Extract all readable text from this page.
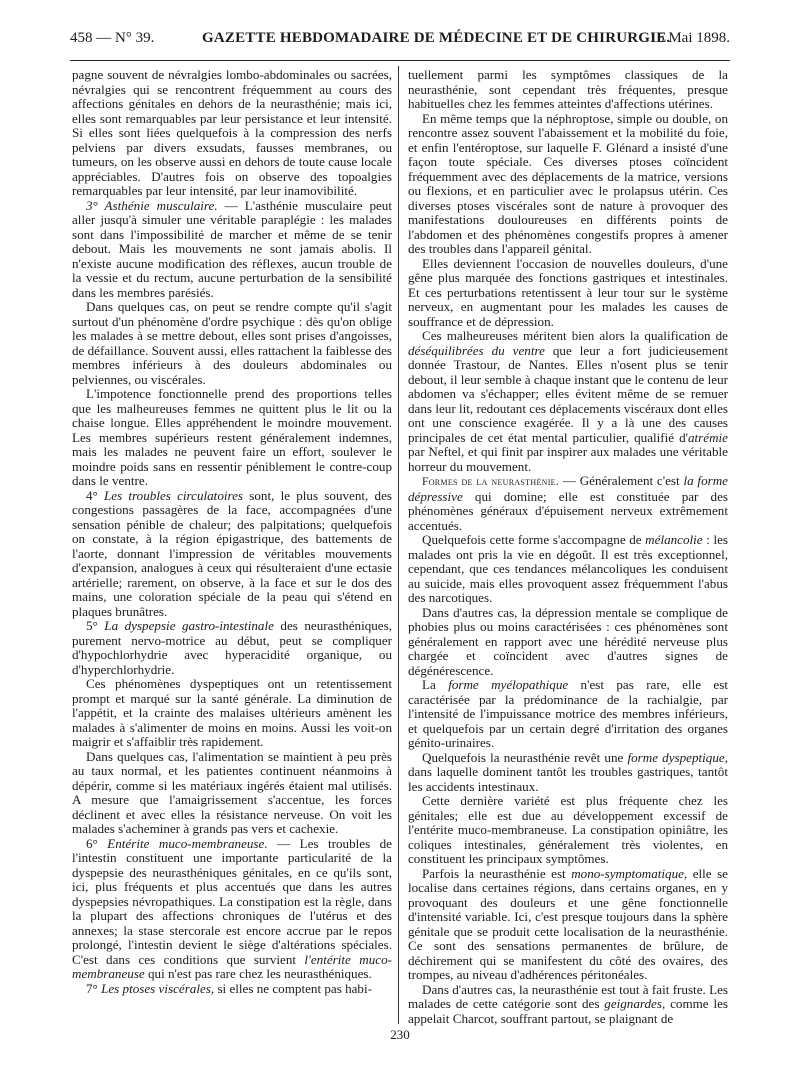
458 — N° 39.	GAZETTE HEBDOMADAIRE DE MÉDECINE ET DE CHIRURGIE.
15 Mai 1898.

pagne souvent de névralgies lombo-abdominales ou sacrées, névralgies qui se rencontrent fréquemment au cours des affections génitales en dehors de la neurasthénie; mais ici, elles sont remarquables par leur persistance et leur intensité. Si elles sont liées quelquefois à la compression des nerfs pelviens par divers exsudats, fausses membranes, ou tumeurs, on les observe aussi en dehors de toute cause locale appréciables. D'autres fois on observe des topoalgies remarquables par leur intensité, par leur inamovibilité.

3° Asthénie musculaire. — L'asthénie musculaire peut aller jusqu'à simuler une véritable paraplégie : les malades sont dans l'impossibilité de marcher et même de se tenir debout. Mais les mouvements ne sont jamais abolis. Il n'existe aucune modification des réflexes, aucun trouble de la vessie et du rectum, aucune perturbation de la sensibilité dans les membres parésiés.

Dans quelques cas, on peut se rendre compte qu'il s'agit surtout d'un phénomène d'ordre psychique : dès qu'on oblige les malades à se mettre debout, elles sont prises d'angoisses, de défaillance. Souvent aussi, elles rattachent la faiblesse des membres inférieurs à des douleurs abdominales ou pelviennes, ou viscérales.

L'impotence fonctionnelle prend des proportions telles que les malheureuses femmes ne quittent plus le lit ou la chaise longue. Elles appréhendent le moindre mouvement. Les membres supérieurs restent généralement indemnes, mais les malades ne peuvent faire un effort, soulever le moindre poids sans en ressentir péniblement le contre-coup dans le ventre.

4° Les troubles circulatoires sont, le plus souvent, des congestions passagères de la face, accompagnées d'une sensation pénible de chaleur; des palpitations; quelquefois on constate, à la région épigastrique, des battements de l'aorte, donnant l'impression de véritables mouvements d'expansion, analogues à ceux qui résulteraient d'une ectasie artérielle; rarement, on observe, à la face et sur le dos des mains, une coloration spéciale de la peau qui s'étend en plaques brunâtres.

5° La dyspepsie gastro-intestinale des neurasthéniques, purement nervo-motrice au début, peut se compliquer d'hypochlorhydrie avec hyperacidité organique, ou d'hyperchlorhydrie.

Ces phénomènes dyspeptiques ont un retentissement prompt et marqué sur la santé générale. La diminution de l'appétit, et la crainte des malaises ultérieurs amènent les malades à s'alimenter de moins en moins. Aussi les voit-on maigrir et s'affaiblir très rapidement.

Dans quelques cas, l'alimentation se maintient à peu près au taux normal, et les patientes continuent néanmoins à dépérir, comme si les matériaux ingérés étaient mal utilisés. A mesure que l'amaigrissement s'accentue, les forces déclinent et avec elles la résistance nerveuse. On voit les malades s'acheminer à grands pas vers et cachexie.

6° Entérite muco-membraneuse. — Les troubles de l'intestin constituent une importante particularité de la dyspepsie des neurasthéniques génitales, en ce qu'ils sont, ici, plus fréquents et plus accentués que dans les autres dyspepsies névropathiques. La constipation est la règle, dans la plupart des affections chroniques de l'utérus et des annexes; la stase stercorale est encore accrue par le repos prolongé, l'intestin devient le siège d'altérations spéciales. C'est dans ces conditions que survient l'entérite muco-membraneuse qui n'est pas rare chez les neurasthéniques.

7° Les ptoses viscérales, si elles ne comptent pas habi-

tuellement parmi les symptômes classiques de la neurasthénie, sont cependant très fréquentes, presque habituelles chez les femmes atteintes d'affections utérines.

En même temps que la néphroptose, simple ou double, on rencontre assez souvent l'abaissement et la mobilité du foie, et enfin l'entéroptose, sur laquelle F. Glénard a insisté d'une façon toute spéciale. Ces diverses ptoses coïncident fréquemment avec des déplacements de la matrice, versions ou flexions, et en particulier avec le prolapsus utérin. Ces diverses ptoses viscérales sont de nature à provoquer des manifestations douloureuses en différents points de l'abdomen et des phénomènes congestifs propres à amener des troubles dans l'appareil génital.

Elles deviennent l'occasion de nouvelles douleurs, d'une gêne plus marquée des fonctions gastriques et intestinales. Et ces perturbations retentissent à leur tour sur le système nerveux, en augmentant pour les malades les causes de souffrance et de dépression.

Ces malheureuses méritent bien alors la qualification de déséquilibrées du ventre que leur a fort judicieusement donnée Trastour, de Nantes. Elles n'osent plus se tenir debout, il leur semble à chaque instant que le contenu de leur abdomen va s'échapper; elles évitent même de se remuer dans leur lit, redoutant ces déplacements viscéraux dont elles ont une conscience exagérée. Il y a là une des causes principales de cet état mental particulier, qualifié d'atrémie par Neftel, et qui finit par inspirer aux malades une véritable horreur du mouvement.

Formes de la neurasthénie. — Généralement c'est la forme dépressive qui domine; elle est constituée par des phénomènes généraux d'épuisement nerveux extrêmement accentués.

Quelquefois cette forme s'accompagne de mélancolie : les malades ont pris la vie en dégoût. Il est très exceptionnel, cependant, que ces tendances mélancoliques les conduisent au suicide, mais elles provoquent assez fréquemment l'abus des narcotiques.

Dans d'autres cas, la dépression mentale se complique de phobies plus ou moins caractérisées : ces phénomènes sont généralement en rapport avec une hérédité nerveuse plus chargée et coïncident avec d'autres signes de dégénérescence.

La forme myélopathique n'est pas rare, elle est caractérisée par la prédominance de la rachialgie, par l'intensité de l'impuissance motrice des membres inférieurs, et quelquefois par un certain degré d'irritation des organes génito-urinaires.

Quelquefois la neurasthénie revêt une forme dyspeptique, dans laquelle dominent tantôt les troubles gastriques, tantôt les accidents intestinaux.

Cette dernière variété est plus fréquente chez les génitales; elle est due au développement excessif de l'entérite muco-membraneuse. La constipation opiniâtre, les coliques intestinales, généralement très violentes, en constituent les principaux symptômes.

Parfois la neurasthénie est mono-symptomatique, elle se localise dans certaines régions, dans certains organes, en y provoquant des douleurs et une gêne fonctionnelle d'intensité variable. Ici, c'est presque toujours dans la sphère génitale que se produit cette localisation de la neurasthénie. Ce sont des sensations permanentes de brûlure, de déchirement qui se manifestent du côté des ovaires, des trompes, au niveau d'adhérences péritonéales.

Dans d'autres cas, la neurasthénie est tout à fait fruste. Les malades de cette catégorie sont des geignardes, comme les appelait Charcot, souffrant partout, se plaignant de

230
